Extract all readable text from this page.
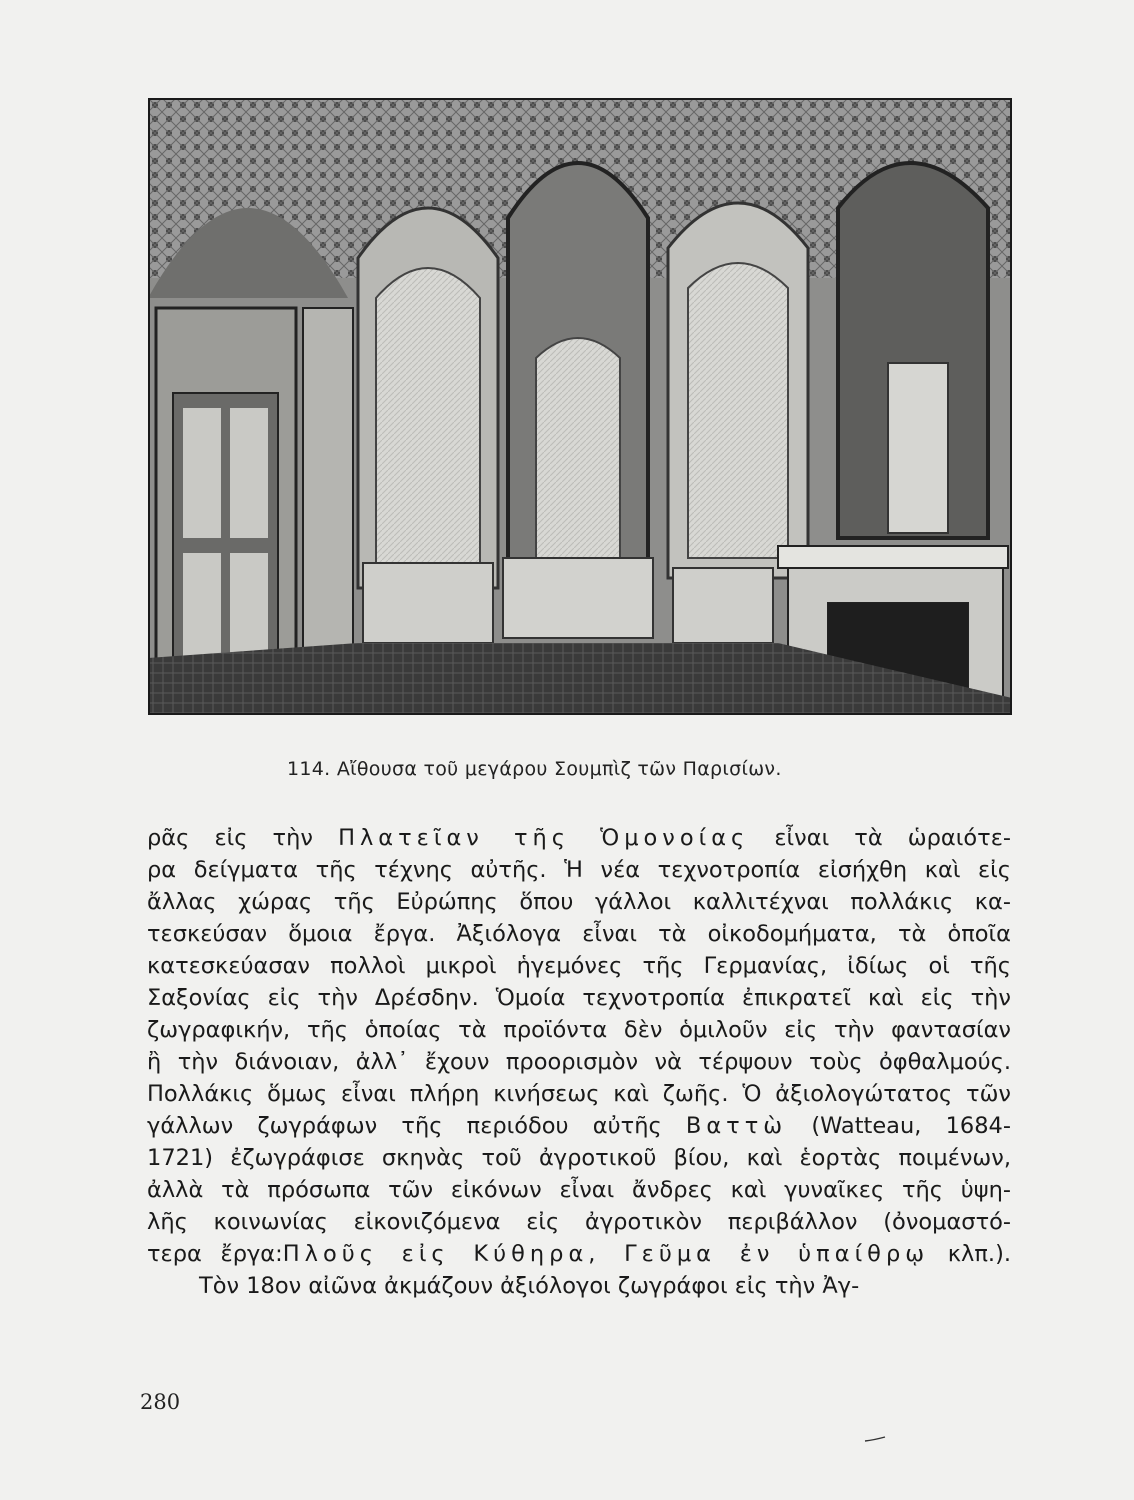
114. Αἴθουσα τοῦ μεγάρου Σουμπὶζ τῶν Παρισίων.
ρᾶς εἰς τὴν Πλατεῖαν τῆς Ὁμονοίας εἶναι τὰ ὡραιότε-
ρα δείγματα τῆς τέχνης αὐτῆς. Ἡ νέα τεχνοτροπία εἰσήχθη καὶ εἰς
ἄλλας χώρας τῆς Εὐρώπης ὅπου γάλλοι καλλιτέχναι πολλάκις κα-
τεσκεύσαν ὅμοια ἔργα. Ἀξιόλογα εἶναι τὰ οἰκοδομήματα, τὰ ὁποῖα
κατεσκεύασαν πολλοὶ μικροὶ ἡγεμόνες τῆς Γερμανίας, ἰδίως οἱ τῆς
Σαξονίας εἰς τὴν Δρέσδην. Ὁμοία τεχνοτροπία ἐπικρατεῖ καὶ εἰς τὴν
ζωγραφικήν, τῆς ὁποίας τὰ προϊόντα δὲν ὁμιλοῦν εἰς τὴν φαντασίαν
ἢ τὴν διάνοιαν, ἀλλ᾽ ἔχουν προορισμὸν νὰ τέρψουν τοὺς ὀφθαλμούς.
Πολλάκις ὅμως εἶναι πλήρη κινήσεως καὶ ζωῆς. Ὁ ἀξιολογώτατος τῶν
γάλλων ζωγράφων τῆς περιόδου αὐτῆς Βαττὼ (Watteau, 1684-
1721) ἐζωγράφισε σκηνὰς τοῦ ἀγροτικοῦ βίου, καὶ ἑορτὰς ποιμένων,
ἀλλὰ τὰ πρόσωπα τῶν εἰκόνων εἶναι ἄνδρες καὶ γυναῖκες τῆς ὑψη-
λῆς κοινωνίας εἰκονιζόμενα εἰς ἀγροτικὸν περιβάλλον (ὀνομαστό-
τερα ἔργα:Πλοῦς εἰς Κύθηρα, Γεῦμα ἐν ὑπαίθρῳ κλπ.).
Τὸν 18ον αἰῶνα ἀκμάζουν ἀξιόλογοι ζωγράφοι εἰς τὴν Ἀγ-
280
